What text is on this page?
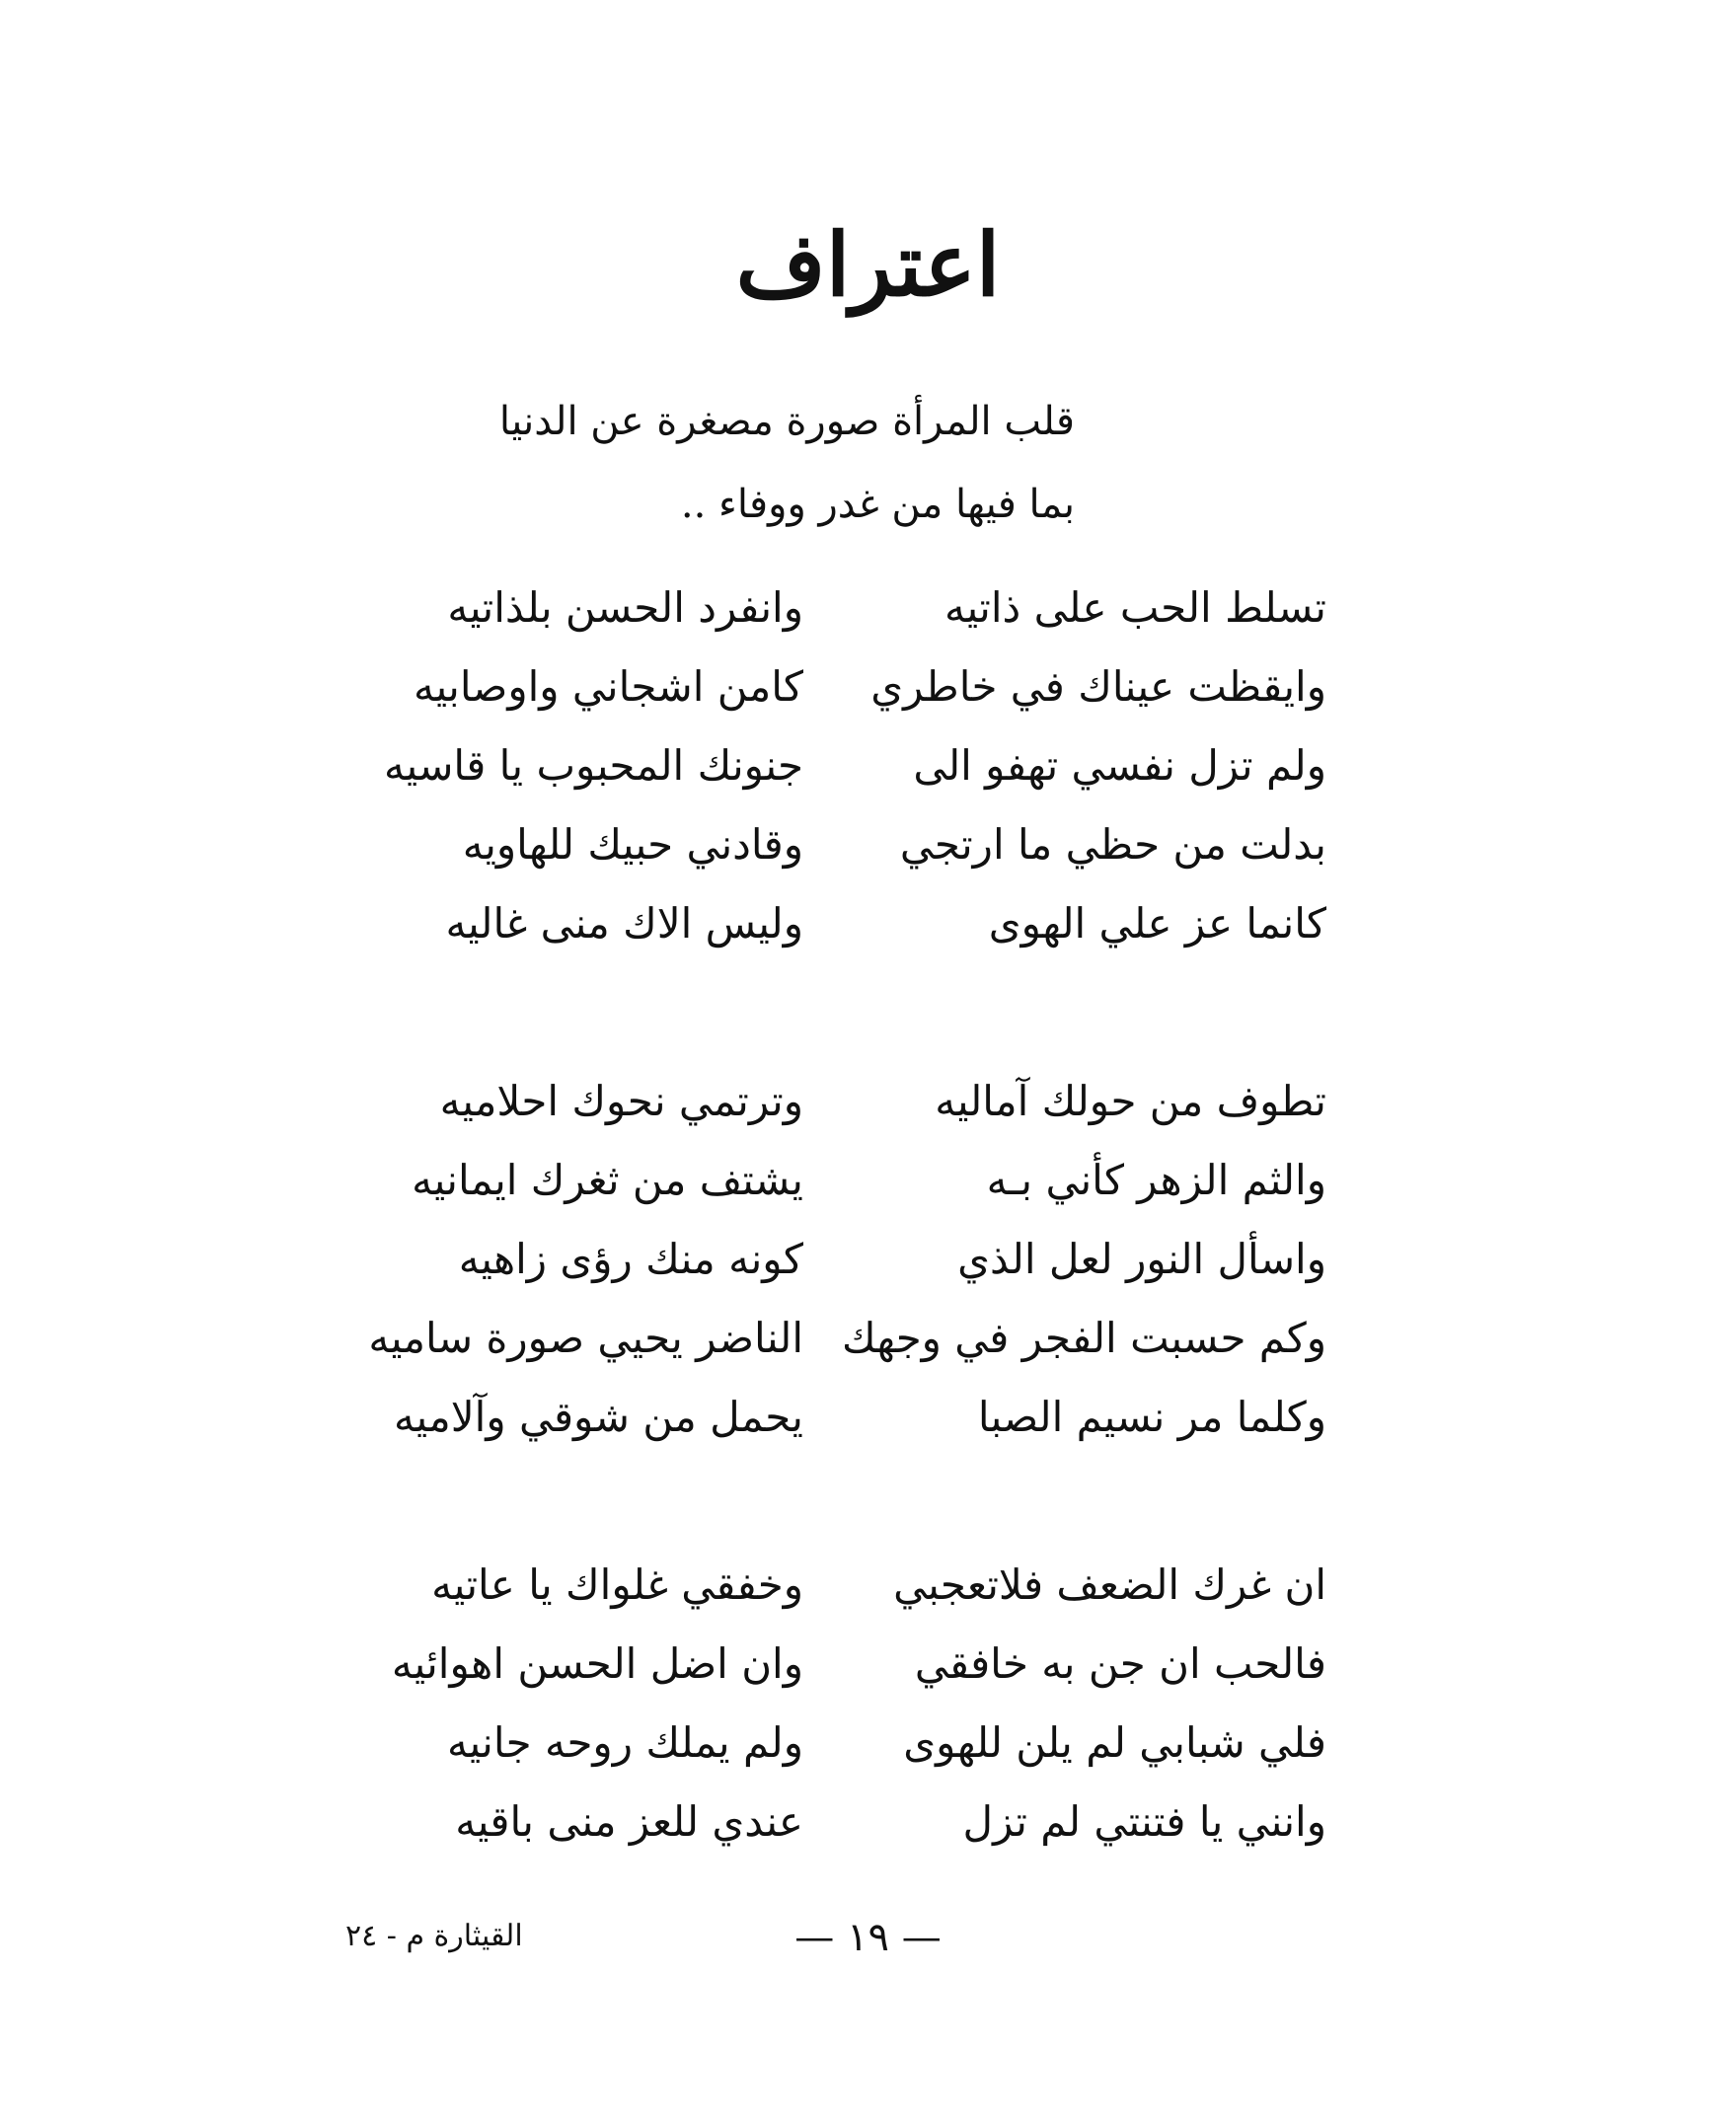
اعتراف
قلب المرأة صورة مصغرة عن الدنيا
بما فيها من غدر ووفاء ..
تسلط الحب على ذاتيه
وانفرد الحسن بلذاتيه
وايقظت عيناك في خاطري
كامن اشجاني واوصابيه
ولم تزل نفسي تهفو الى
جنونك المحبوب يا قاسيه
بدلت من حظي ما ارتجي
وقادني حبيك للهاويه
كانما عز علي الهوى
وليس الاك منى غاليه
تطوف من حولك آماليه
وترتمي نحوك احلاميه
والثم الزهر كأني بـه
يشتف من ثغرك ايمانيه
واسأل النور لعل الذي
كونه منك رؤى زاهيه
وكم حسبت الفجر في وجهك
الناضر يحيي صورة ساميه
وكلما مر نسيم الصبا
يحمل من شوقي وآلاميه
ان غرك الضعف فلاتعجبي
وخفقي غلواك يا عاتيه
فالحب ان جن به خافقي
وان اضل الحسن اهوائيه
فلي شبابي لم يلن للهوى
ولم يملك روحه جانيه
وانني يا فتنتي لم تزل
عندي للعز منى باقيه
— ١٩ —
القيثارة م - ٢٤
